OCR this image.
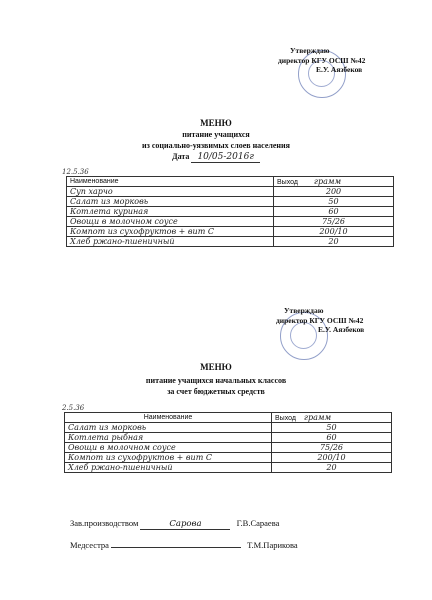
Утверждаю
директор КГУ ОСШ №42
Е.У. Аязбеков
МЕНЮ
питание учащихся
из социально-уязвимых слоев населения
Дата 10/05-2016г
12.5.36
Наименование	Выход грамм
Суп харчо	200
Салат из морковь	50
Котлета куриная	60
Овощи в молочном соусе	75/26
Компот из сухофруктов + вит С	200/10
Хлеб ржано-пшеничный	20
Утверждаю
директор КГУ ОСШ №42
Е.У. Аязбеков
МЕНЮ
питание учащихся начальных классов
за счет бюджетных средств
2.5.36
Наименование	Выход грамм
Салат из морковь	50
Котлета рыбная	60
Овощи в молочном соусе	75/26
Компот из сухофруктов + вит С	200/10
Хлеб ржано-пшеничный	20
Зав.производством	Сарова	Г.В.Сараева
Медсестра	Т.М.Парикова
